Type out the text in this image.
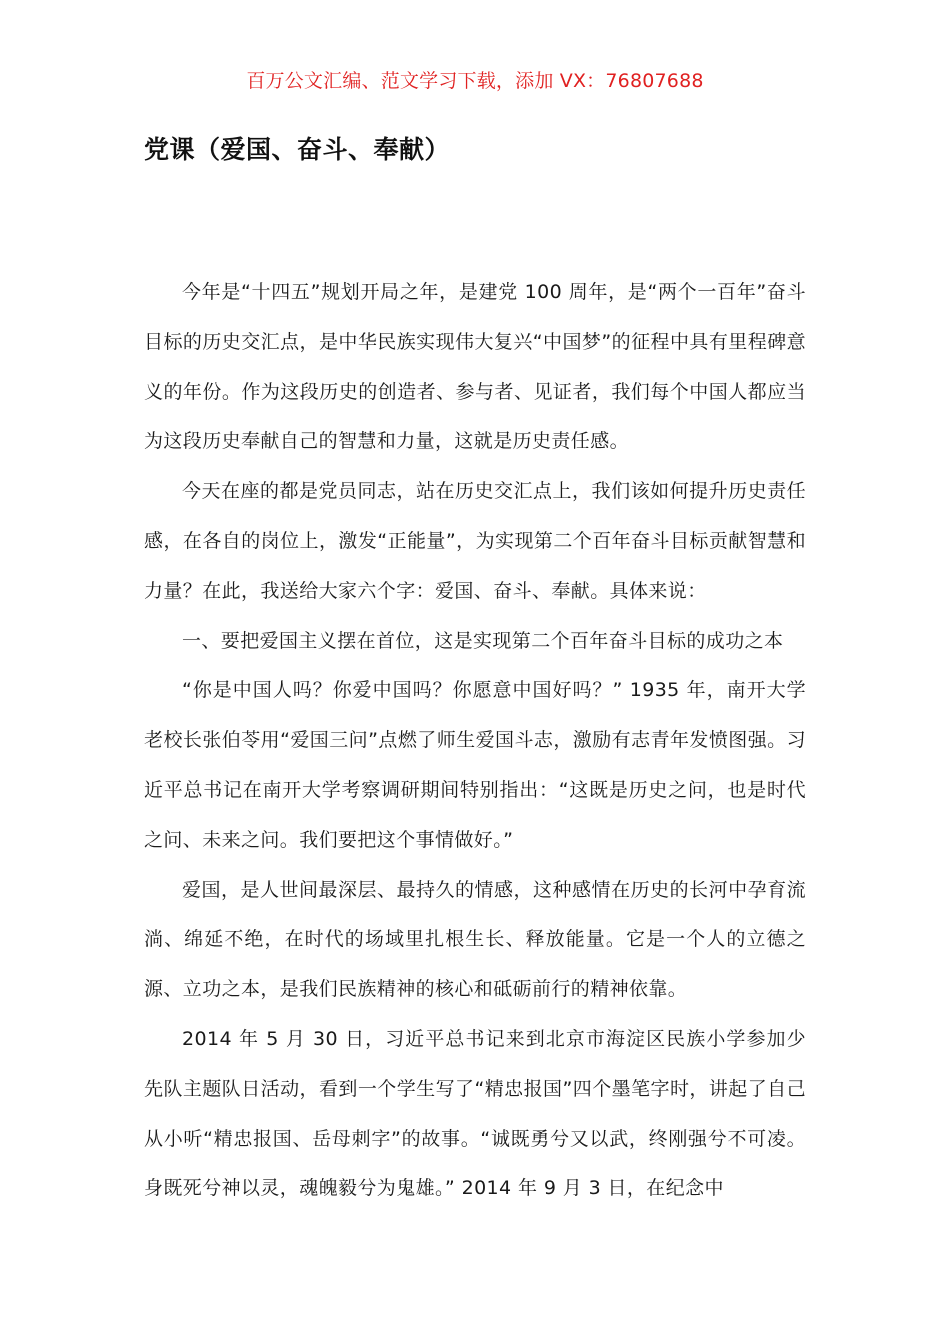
百万公文汇编、范文学习下载，添加 VX：76807688
党课（爱国、奋斗、奉献）

今年是“十四五”规划开局之年，是建党 100 周年，是“两个一百年”奋斗目标的历史交汇点，是中华民族实现伟大复兴“中国梦”的征程中具有里程碑意义的年份。作为这段历史的创造者、参与者、见证者，我们每个中国人都应当为这段历史奉献自己的智慧和力量，这就是历史责任感。

今天在座的都是党员同志，站在历史交汇点上，我们该如何提升历史责任感，在各自的岗位上，激发“正能量”，为实现第二个百年奋斗目标贡献智慧和力量？在此，我送给大家六个字：爱国、奋斗、奉献。具体来说：

一、要把爱国主义摆在首位，这是实现第二个百年奋斗目标的成功之本

“你是中国人吗？你爱中国吗？你愿意中国好吗？” 1935 年，南开大学老校长张伯苓用“爱国三问”点燃了师生爱国斗志，激励有志青年发愤图强。习近平总书记在南开大学考察调研期间特别指出：“这既是历史之问，也是时代之问、未来之问。我们要把这个事情做好。”

爱国，是人世间最深层、最持久的情感，这种感情在历史的长河中孕育流淌、绵延不绝，在时代的场域里扎根生长、释放能量。它是一个人的立德之源、立功之本，是我们民族精神的核心和砥砺前行的精神依靠。

2014 年 5 月 30 日，习近平总书记来到北京市海淀区民族小学参加少先队主题队日活动，看到一个学生写了“精忠报国”四个墨笔字时，讲起了自己从小听“精忠报国、岳母刺字”的故事。“诚既勇兮又以武，终刚强兮不可凌。身既死兮神以灵，魂魄毅兮为鬼雄。” 2014 年 9 月 3 日，在纪念中
